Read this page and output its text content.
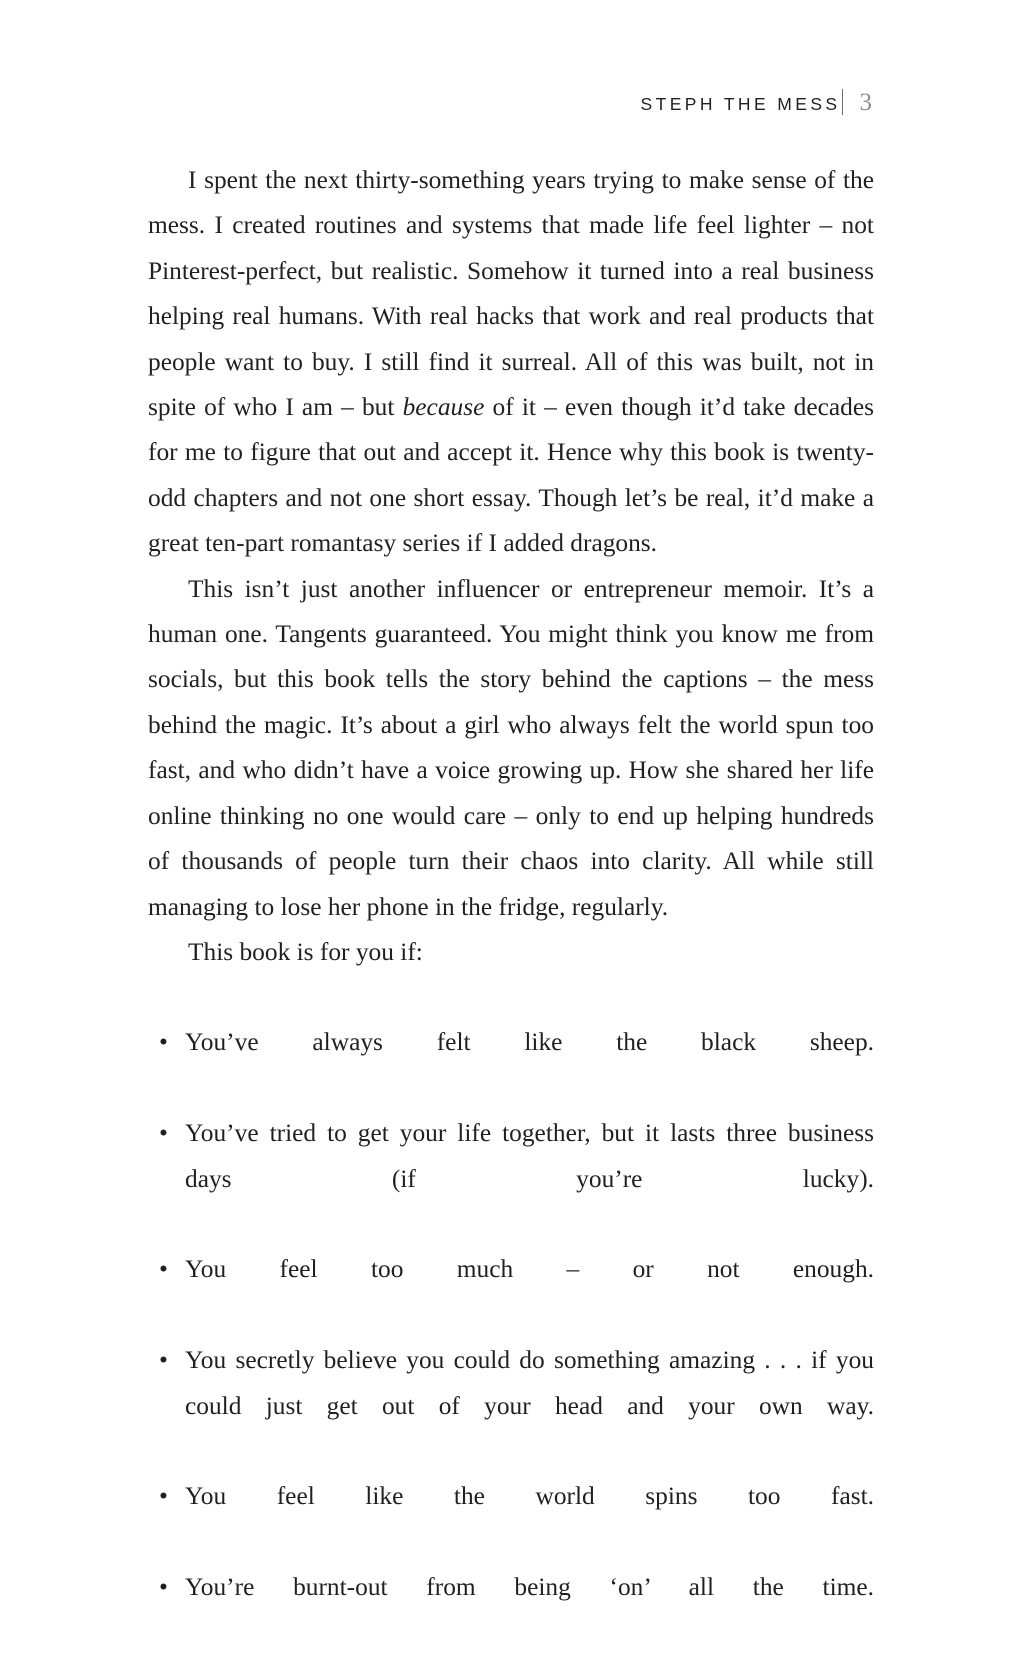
STEPH THE MESS 3

I spent the next thirty-something years trying to make sense of the mess. I created routines and systems that made life feel lighter – not Pinterest-perfect, but realistic. Somehow it turned into a real business helping real humans. With real hacks that work and real products that people want to buy. I still find it surreal. All of this was built, not in spite of who I am – but because of it – even though it’d take decades for me to figure that out and accept it. Hence why this book is twenty-odd chapters and not one short essay. Though let’s be real, it’d make a great ten-part romantasy series if I added dragons.

This isn’t just another influencer or entrepreneur memoir. It’s a human one. Tangents guaranteed. You might think you know me from socials, but this book tells the story behind the captions – the mess behind the magic. It’s about a girl who always felt the world spun too fast, and who didn’t have a voice growing up. How she shared her life online thinking no one would care – only to end up helping hundreds of thousands of people turn their chaos into clarity. All while still managing to lose her phone in the fridge, regularly.

This book is for you if:

• You’ve always felt like the black sheep.
• You’ve tried to get your life together, but it lasts three business days (if you’re lucky).
• You feel too much – or not enough.
• You secretly believe you could do something amazing . . . if you could just get out of your head and your own way.
• You feel like the world spins too fast.
• You’re burnt-out from being ‘on’ all the time.
